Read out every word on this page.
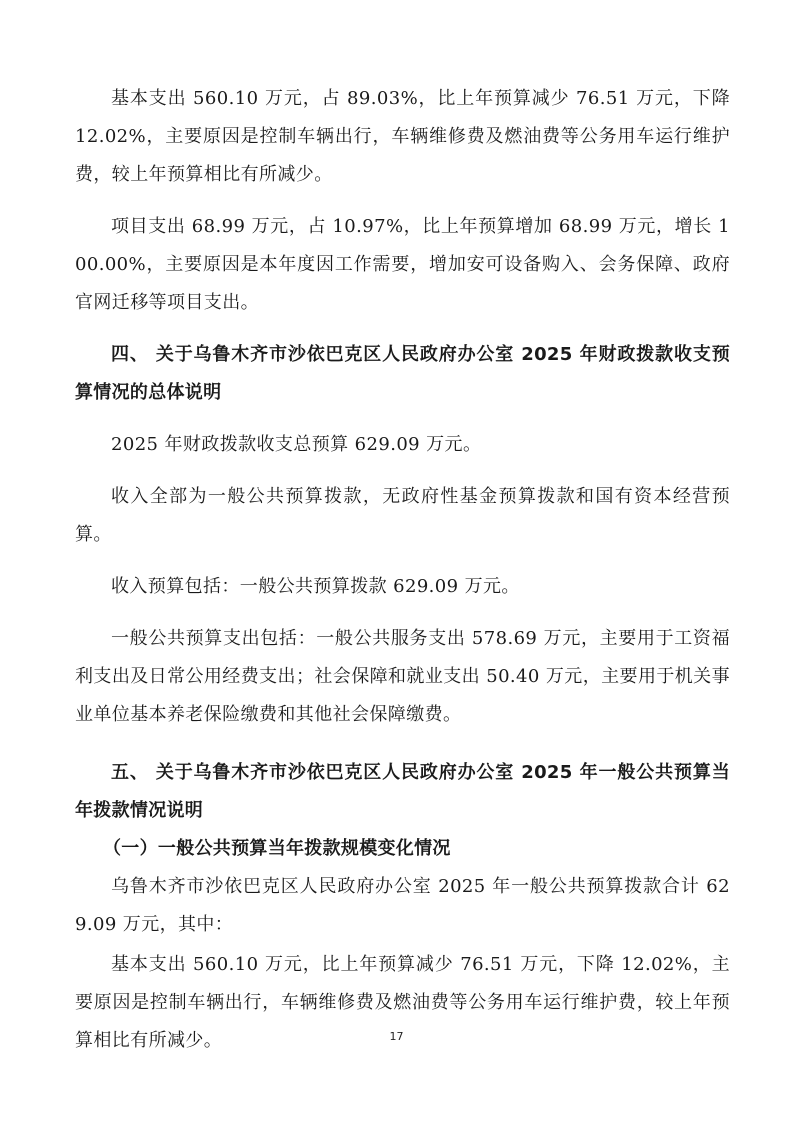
基本支出 560.10 万元，占 89.03%，比上年预算减少 76.51 万元，下降 12.02%，主要原因是控制车辆出行，车辆维修费及燃油费等公务用车运行维护费，较上年预算相比有所减少。

项目支出 68.99 万元，占 10.97%，比上年预算增加 68.99 万元，增长 100.00%，主要原因是本年度因工作需要，增加安可设备购入、会务保障、政府官网迁移等项目支出。

四、 关于乌鲁木齐市沙依巴克区人民政府办公室 2025 年财政拨款收支预算情况的总体说明

2025 年财政拨款收支总预算 629.09 万元。

收入全部为一般公共预算拨款，无政府性基金预算拨款和国有资本经营预算。

收入预算包括：一般公共预算拨款 629.09 万元。

一般公共预算支出包括：一般公共服务支出 578.69 万元，主要用于工资福利支出及日常公用经费支出；社会保障和就业支出 50.40 万元，主要用于机关事业单位基本养老保险缴费和其他社会保障缴费。

五、 关于乌鲁木齐市沙依巴克区人民政府办公室 2025 年一般公共预算当年拨款情况说明

（一）一般公共预算当年拨款规模变化情况

乌鲁木齐市沙依巴克区人民政府办公室 2025 年一般公共预算拨款合计 629.09 万元，其中：

基本支出 560.10 万元，比上年预算减少 76.51 万元，下降 12.02%，主要原因是控制车辆出行，车辆维修费及燃油费等公务用车运行维护费，较上年预算相比有所减少。	17
